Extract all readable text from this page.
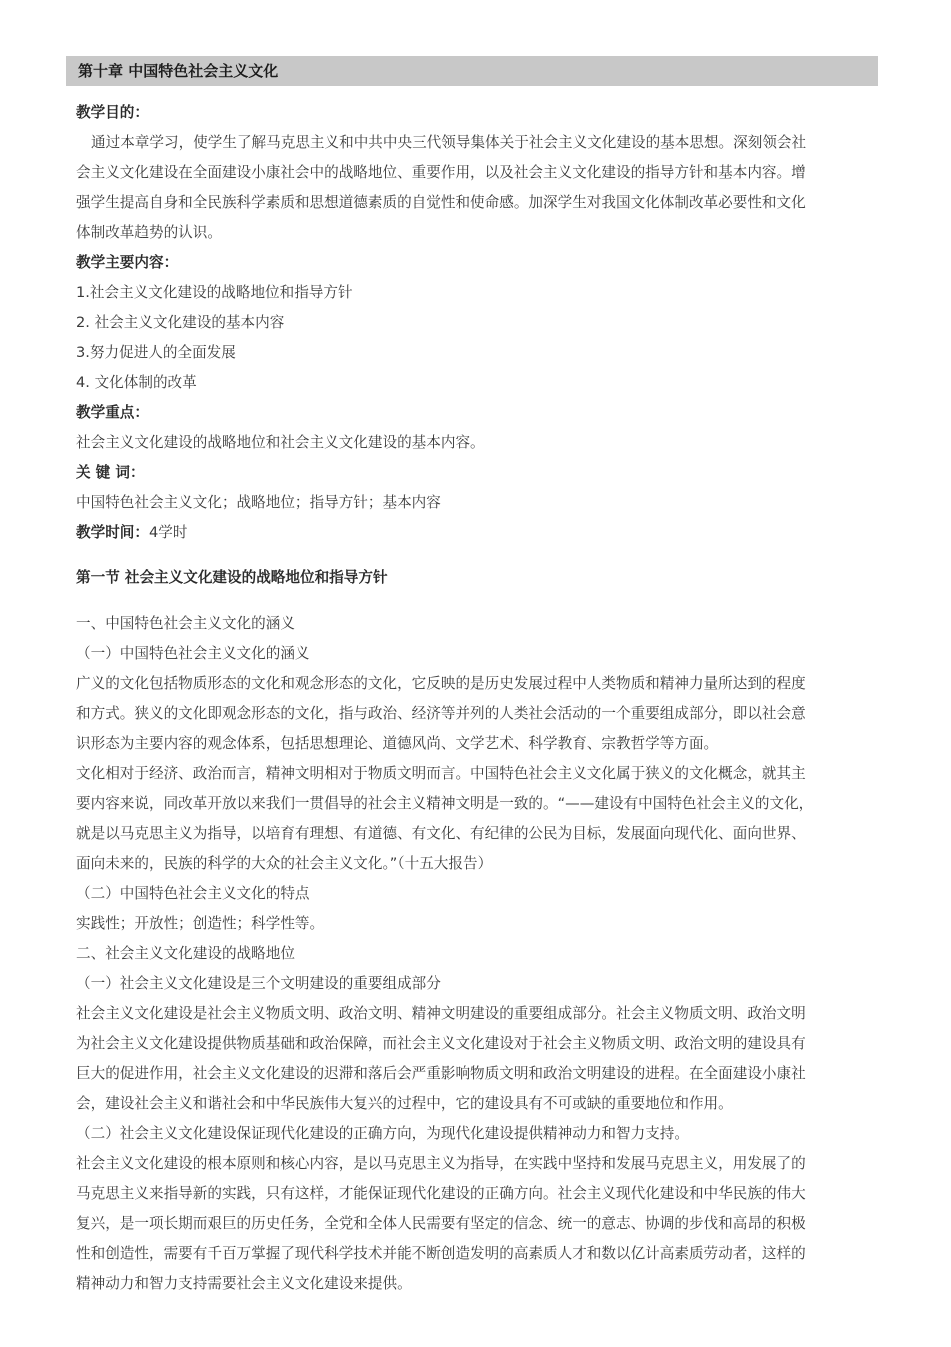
第十章 中国特色社会主义文化
教学目的：
通过本章学习，使学生了解马克思主义和中共中央三代领导集体关于社会主义文化建设的基本思想。深刻领会社
会主义文化建设在全面建设小康社会中的战略地位、重要作用，以及社会主义文化建设的指导方针和基本内容。增
强学生提高自身和全民族科学素质和思想道德素质的自觉性和使命感。加深学生对我国文化体制改革必要性和文化
体制改革趋势的认识。
教学主要内容：
1.社会主义文化建设的战略地位和指导方针
2. 社会主义文化建设的基本内容
3.努力促进人的全面发展
4. 文化体制的改革
教学重点：
社会主义文化建设的战略地位和社会主义文化建设的基本内容。
关 键 词：
中国特色社会主义文化；战略地位；指导方针；基本内容
教学时间：4学时
第一节 社会主义文化建设的战略地位和指导方针
一、中国特色社会主义文化的涵义
（一）中国特色社会主义文化的涵义
广义的文化包括物质形态的文化和观念形态的文化，它反映的是历史发展过程中人类物质和精神力量所达到的程度
和方式。狭义的文化即观念形态的文化，指与政治、经济等并列的人类社会活动的一个重要组成部分，即以社会意
识形态为主要内容的观念体系，包括思想理论、道德风尚、文学艺术、科学教育、宗教哲学等方面。
文化相对于经济、政治而言，精神文明相对于物质文明而言。中国特色社会主义文化属于狭义的文化概念，就其主
要内容来说，同改革开放以来我们一贯倡导的社会主义精神文明是一致的。“——建设有中国特色社会主义的文化，
就是以马克思主义为指导，以培育有理想、有道德、有文化、有纪律的公民为目标，发展面向现代化、面向世界、
面向未来的，民族的科学的大众的社会主义文化。”（十五大报告）
（二）中国特色社会主义文化的特点
实践性；开放性；创造性；科学性等。
二、社会主义文化建设的战略地位
（一）社会主义文化建设是三个文明建设的重要组成部分
社会主义文化建设是社会主义物质文明、政治文明、精神文明建设的重要组成部分。社会主义物质文明、政治文明
为社会主义文化建设提供物质基础和政治保障，而社会主义文化建设对于社会主义物质文明、政治文明的建设具有
巨大的促进作用，社会主义文化建设的迟滞和落后会严重影响物质文明和政治文明建设的进程。在全面建设小康社
会，建设社会主义和谐社会和中华民族伟大复兴的过程中，它的建设具有不可或缺的重要地位和作用。
（二）社会主义文化建设保证现代化建设的正确方向，为现代化建设提供精神动力和智力支持。
社会主义文化建设的根本原则和核心内容，是以马克思主义为指导，在实践中坚持和发展马克思主义，用发展了的
马克思主义来指导新的实践，只有这样，才能保证现代化建设的正确方向。社会主义现代化建设和中华民族的伟大
复兴，是一项长期而艰巨的历史任务，全党和全体人民需要有坚定的信念、统一的意志、协调的步伐和高昂的积极
性和创造性，需要有千百万掌握了现代科学技术并能不断创造发明的高素质人才和数以亿计高素质劳动者，这样的
精神动力和智力支持需要社会主义文化建设来提供。
